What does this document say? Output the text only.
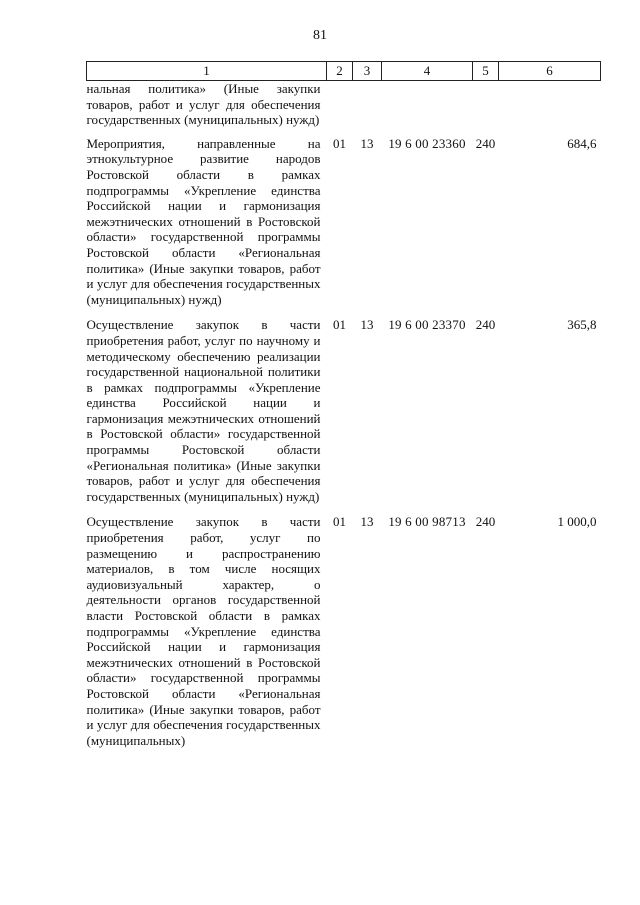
81
1	2	3	4	5	6
нальная политика» (Иные закупки товаров, работ и услуг для обеспечения государственных (муниципальных) нужд)					
Мероприятия, направленные на этнокультурное развитие народов Ростовской области в рамках подпрограммы «Укрепление единства Российской нации и гармонизация межэтнических отношений в Ростовской области» государственной программы Ростовской области «Региональная политика» (Иные закупки товаров, работ и услуг для обеспечения государственных (муниципальных) нужд)	01	13	19 6 00 23360	240	684,6
Осуществление закупок в части приобретения работ, услуг по научному и методическому обеспечению реализации государственной национальной политики в рамках подпрограммы «Укрепление единства Российской нации и гармонизация межэтнических отношений в Ростовской области» государственной программы Ростовской области «Региональная политика» (Иные закупки товаров, работ и услуг для обеспечения государственных (муниципальных) нужд)	01	13	19 6 00 23370	240	365,8
Осуществление закупок в части приобретения работ, услуг по размещению и распространению материалов, в том числе носящих аудиовизуальный характер, о деятельности органов государственной власти Ростовской области в рамках подпрограммы «Укрепление единства Российской нации и гармонизация межэтнических отношений в Ростовской области» государственной программы Ростовской области «Региональная политика» (Иные закупки товаров, работ и услуг для обеспечения государственных (муниципальных)	01	13	19 6 00 98713	240	1 000,0
